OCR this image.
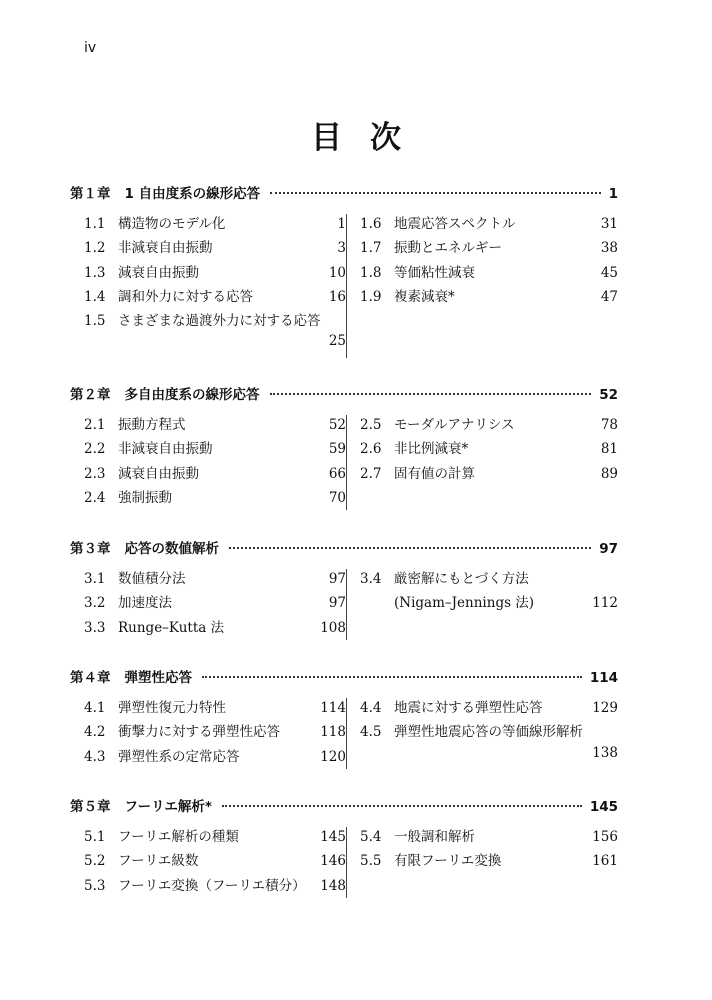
iv
目 次
第１章 1 自由度系の線形応答	1
1.1 構造物のモデル化	1
1.2 非減衰自由振動	3
1.3 減衰自由振動	10
1.4 調和外力に対する応答	16
1.5 さまざまな過渡外力に対する応答
25
1.6 地震応答スペクトル	31
1.7 振動とエネルギー	38
1.8 等価粘性減衰	45
1.9 複素減衰*	47
第２章 多自由度系の線形応答	52
2.1 振動方程式	52
2.2 非減衰自由振動	59
2.3 減衰自由振動	66
2.4 強制振動	70
2.5 モーダルアナリシス	78
2.6 非比例減衰*	81
2.7 固有値の計算	89
第３章 応答の数値解析	97
3.1 数値積分法	97
3.2 加速度法	97
3.3 Runge–Kutta 法	108
3.4 厳密解にもとづく方法
(Nigam–Jennings 法)	112
第４章 弾塑性応答	114
4.1 弾塑性復元力特性	114
4.2 衝撃力に対する弾塑性応答	118
4.3 弾塑性系の定常応答	120
4.4 地震に対する弾塑性応答	129
4.5 弾塑性地震応答の等価線形解析
138
第５章 フーリエ解析*	145
5.1 フーリエ解析の種類	145
5.2 フーリエ級数	146
5.3 フーリエ変換（フーリエ積分）	148
5.4 一般調和解析	156
5.5 有限フーリエ変換	161
